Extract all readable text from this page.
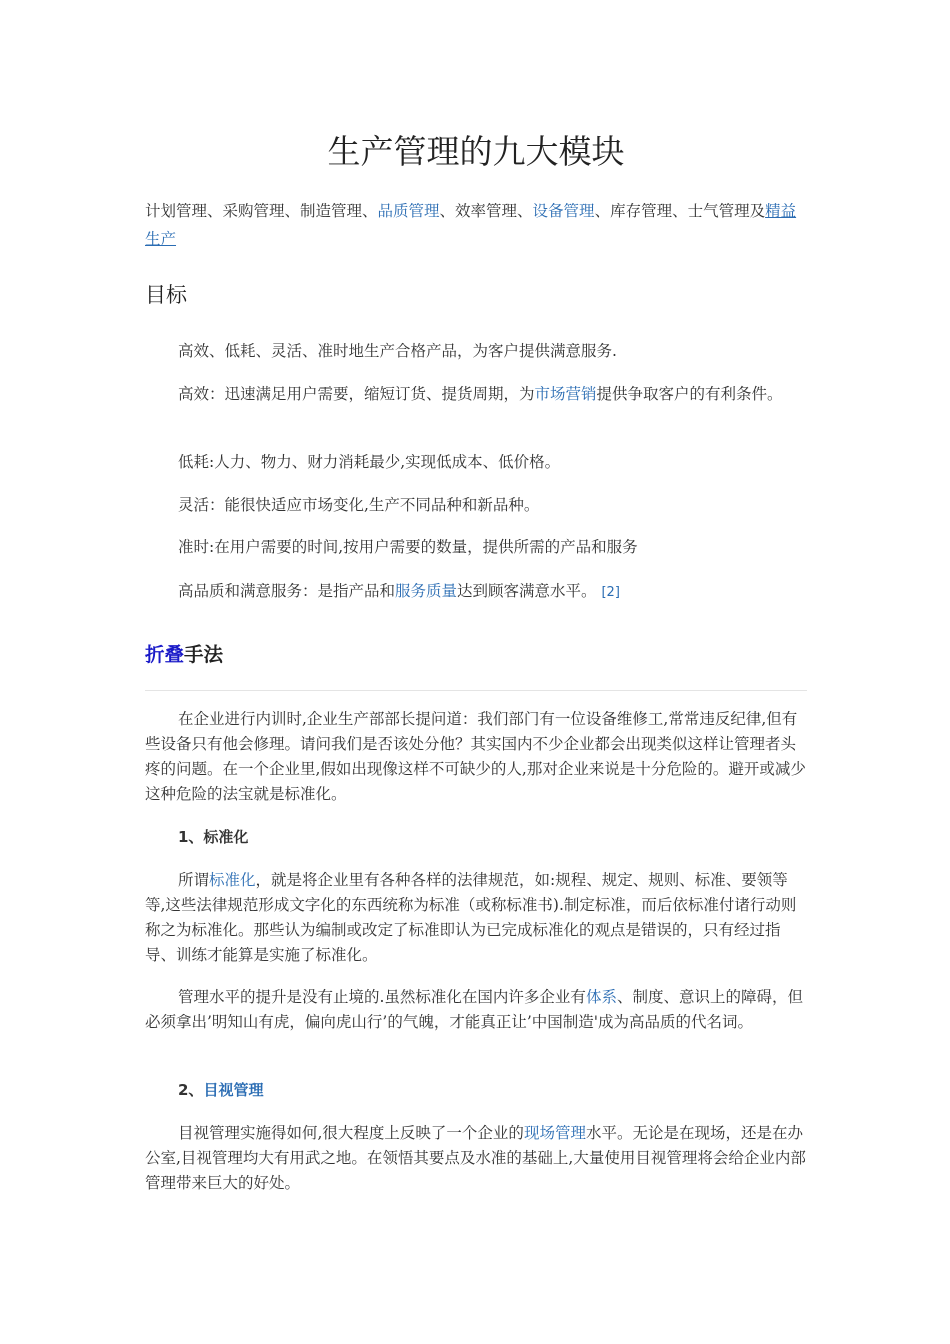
生产管理的九大模块

计划管理、采购管理、制造管理、品质管理、效率管理、设备管理、库存管理、士气管理及精益生产

目标

高效、低耗、灵活、准时地生产合格产品，为客户提供满意服务.

高效：迅速满足用户需要，缩短订货、提货周期，为市场营销提供争取客户的有利条件。

低耗:人力、物力、财力消耗最少,实现低成本、低价格。

灵活：能很快适应市场变化,生产不同品种和新品种。

准时:在用户需要的时间,按用户需要的数量，提供所需的产品和服务

高品质和满意服务：是指产品和服务质量达到顾客满意水平。 [2]

折叠手法

在企业进行内训时,企业生产部部长提问道：我们部门有一位设备维修工,常常违反纪律,但有些设备只有他会修理。请问我们是否该处分他？其实国内不少企业都会出现类似这样让管理者头疼的问题。在一个企业里,假如出现像这样不可缺少的人,那对企业来说是十分危险的。避开或减少这种危险的法宝就是标准化。

1、标准化

所谓标准化，就是将企业里有各种各样的法律规范，如:规程、规定、规则、标准、要领等等,这些法律规范形成文字化的东西统称为标准（或称标准书).制定标准，而后依标准付诸行动则称之为标准化。那些认为编制或改定了标准即认为已完成标准化的观点是错误的，只有经过指导、训练才能算是实施了标准化。

管理水平的提升是没有止境的.虽然标准化在国内许多企业有体系、制度、意识上的障碍，但必须拿出’明知山有虎，偏向虎山行’的气魄，才能真正让’中国制造'成为高品质的代名词。

2、目视管理

目视管理实施得如何,很大程度上反映了一个企业的现场管理水平。无论是在现场，还是在办公室,目视管理均大有用武之地。在领悟其要点及水准的基础上,大量使用目视管理将会给企业内部管理带来巨大的好处。
